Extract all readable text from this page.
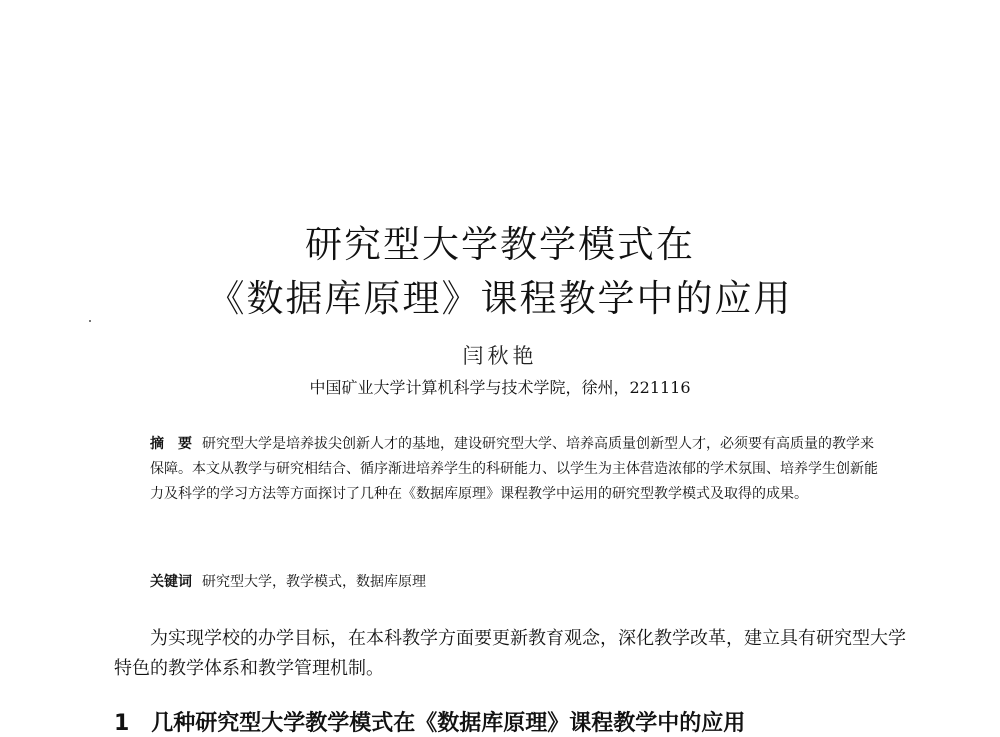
研究型大学教学模式在
《数据库原理》课程教学中的应用
闫秋艳
中国矿业大学计算机科学与技术学院，徐州，221116
摘　要 研究型大学是培养拔尖创新人才的基地，建设研究型大学、培养高质量创新型人才，必须要有高质量的教学来保障。本文从教学与研究相结合、循序渐进培养学生的科研能力、以学生为主体营造浓郁的学术氛围、培养学生创新能力及科学的学习方法等方面探讨了几种在《数据库原理》课程教学中运用的研究型教学模式及取得的成果。
关键词 研究型大学，教学模式，数据库原理
为实现学校的办学目标，在本科教学方面要更新教育观念，深化教学改革，建立具有研究型大学特色的教学体系和教学管理机制。
1　几种研究型大学教学模式在《数据库原理》课程教学中的应用
